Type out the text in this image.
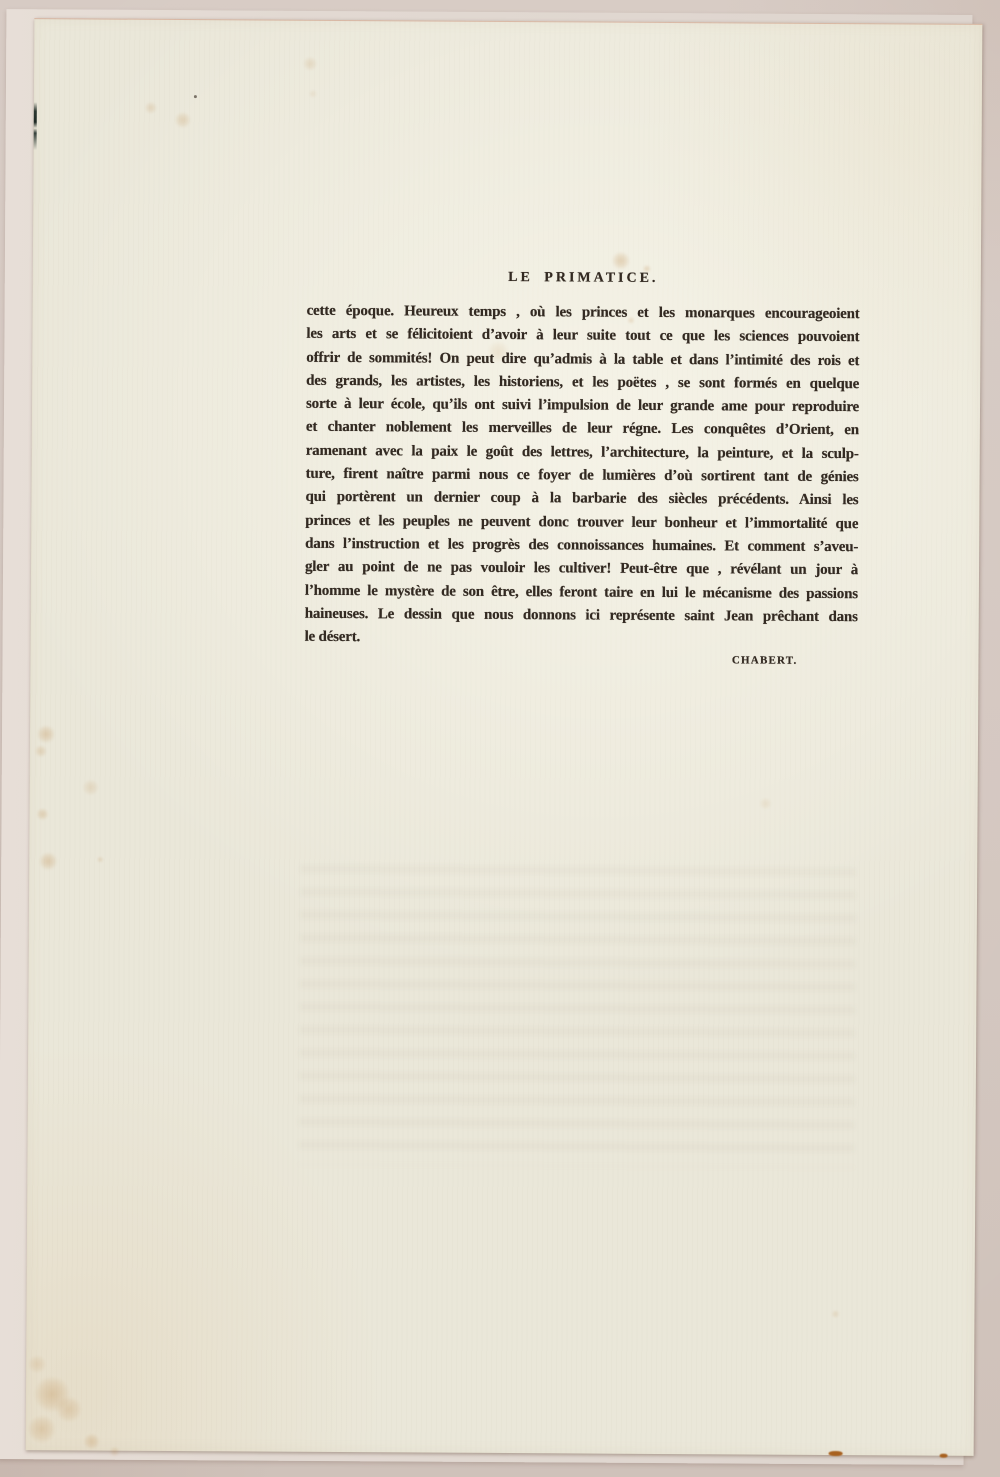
LE PRIMATICE.
cette époque. Heureux temps , où les princes et les monarques encourageoient
les arts et se félicitoient d’avoir à leur suite tout ce que les sciences pouvoient
offrir de sommités! On peut dire qu’admis à la table et dans l’intimité des rois et
des grands, les artistes, les historiens, et les poëtes , se sont formés en quelque
sorte à leur école, qu’ils ont suivi l’impulsion de leur grande ame pour reproduire
et chanter noblement les merveilles de leur régne. Les conquêtes d’Orient, en
ramenant avec la paix le goût des lettres, l’architecture, la peinture, et la sculp-
ture, firent naître parmi nous ce foyer de lumières d’où sortirent tant de génies
qui portèrent un dernier coup à la barbarie des siècles précédents. Ainsi les
princes et les peuples ne peuvent donc trouver leur bonheur et l’immortalité que
dans l’instruction et les progrès des connoissances humaines. Et comment s’aveu-
gler au point de ne pas vouloir les cultiver! Peut-être que , révélant un jour à
l’homme le mystère de son être, elles feront taire en lui le mécanisme des passions
haineuses. Le dessin que nous donnons ici représente saint Jean prêchant dans
le désert.
CHABERT.
